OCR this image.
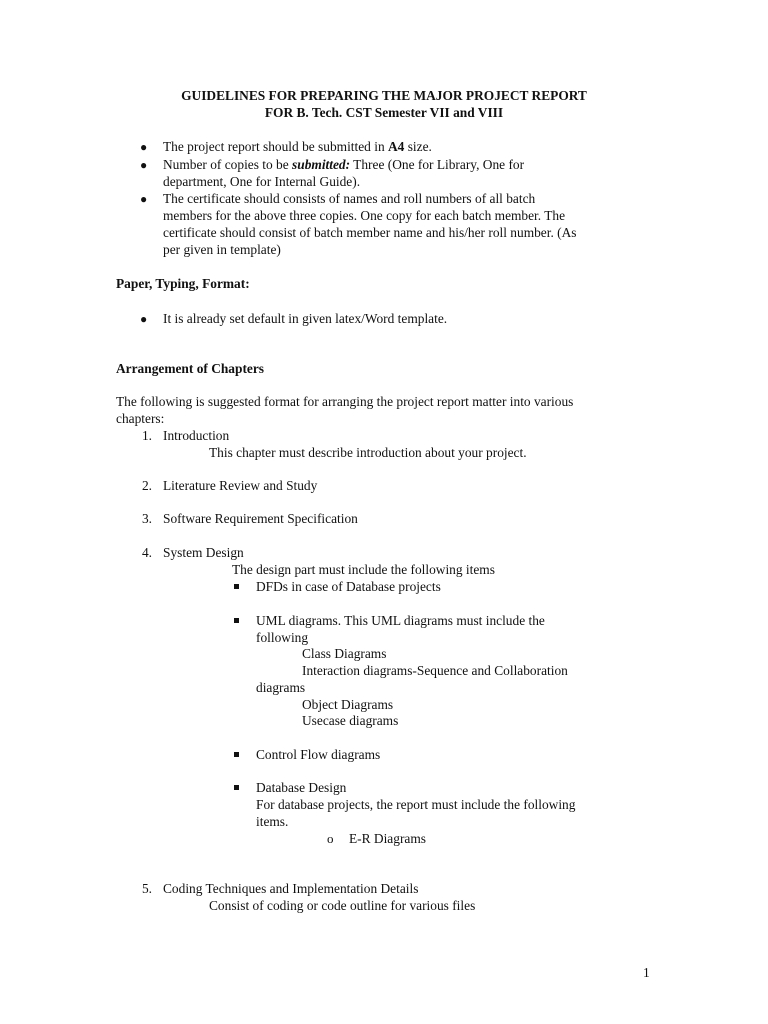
GUIDELINES FOR PREPARING THE MAJOR PROJECT REPORT
FOR B. Tech. CST Semester VII and VIII
● The project report should be submitted in A4 size.
● Number of copies to be submitted: Three (One for Library, One for
department, One for Internal Guide).
● The certificate should consists of names and roll numbers of all batch
members for the above three copies. One copy for each batch member. The
certificate should consist of batch member name and his/her roll number. (As
per given in template)
Paper, Typing, Format:
● It is already set default in given latex/Word template.
Arrangement of Chapters
The following is suggested format for arranging the project report matter into various
chapters:
1. Introduction
This chapter must describe introduction about your project.
2. Literature Review and Study
3. Software Requirement Specification
4. System Design
The design part must include the following items
DFDs in case of Database projects
UML diagrams. This UML diagrams must include the
following
Class Diagrams
Interaction diagrams-Sequence and Collaboration
diagrams
Object Diagrams
Usecase diagrams
Control Flow diagrams
Database Design
For database projects, the report must include the following
items.
o E-R Diagrams
5. Coding Techniques and Implementation Details
Consist of coding or code outline for various files
1
